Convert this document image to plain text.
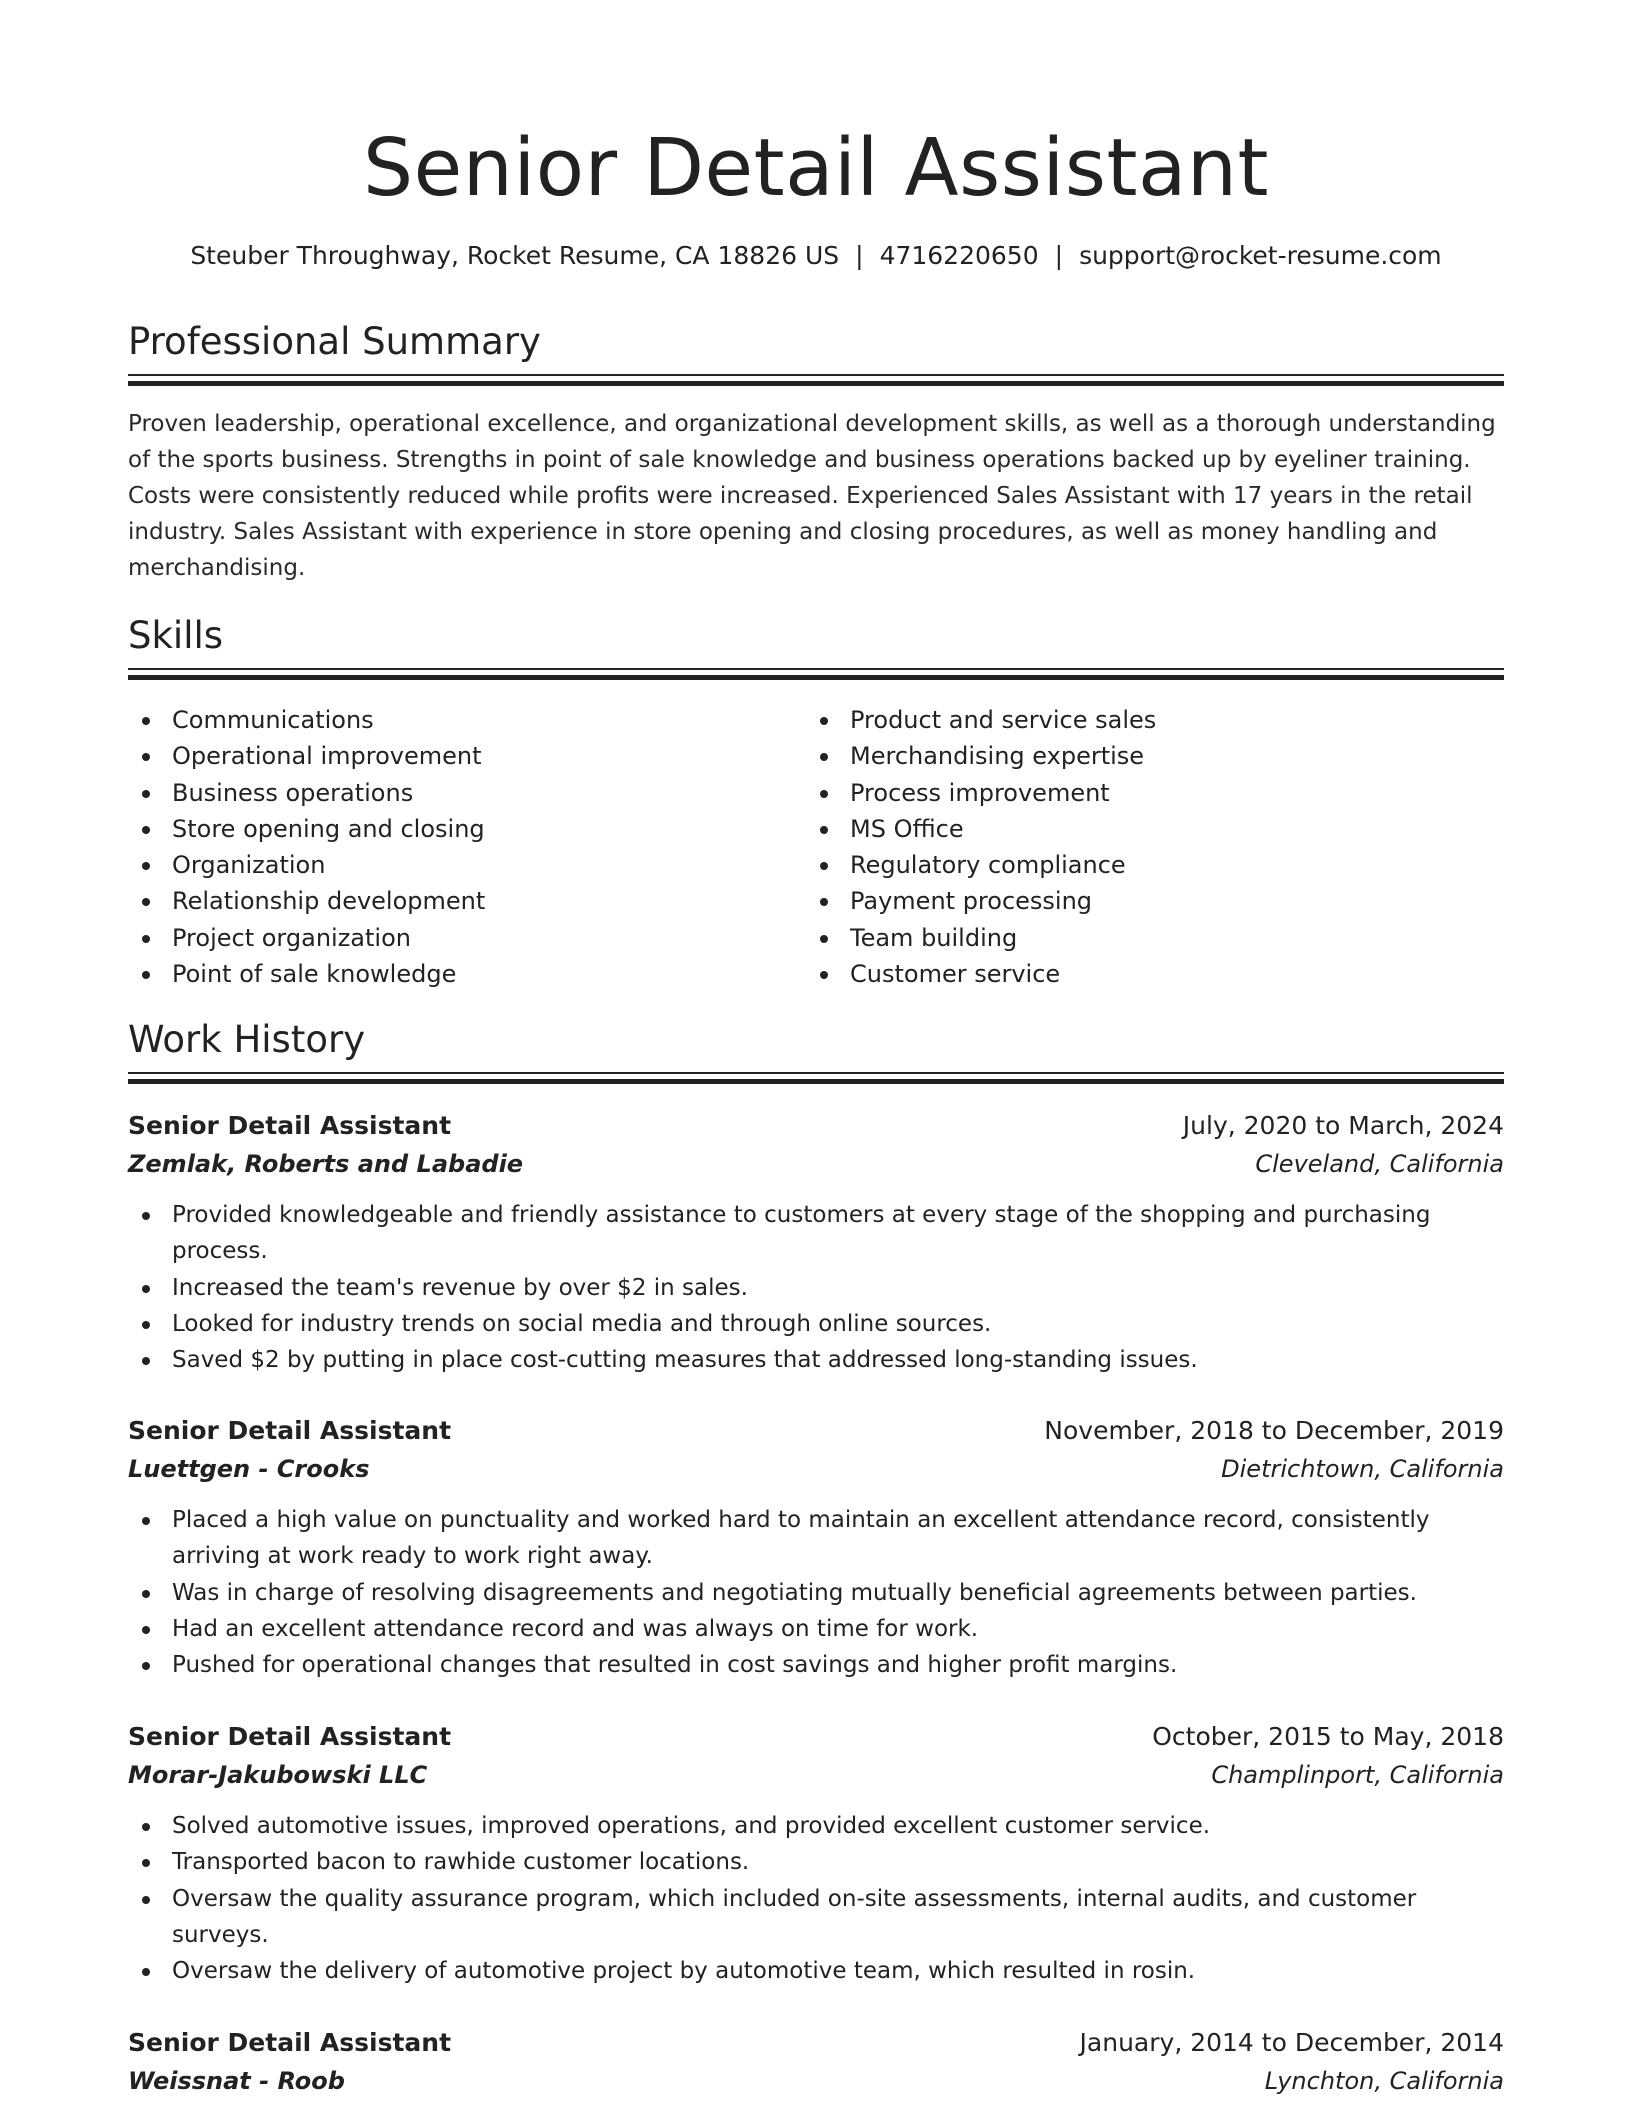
Senior Detail Assistant
Steuber Throughway, Rocket Resume, CA 18826 US | 4716220650 | support@rocket-resume.com
Professional Summary

Proven leadership, operational excellence, and organizational development skills, as well as a thorough understanding of the sports business. Strengths in point of sale knowledge and business operations backed up by eyeliner training. Costs were consistently reduced while profits were increased. Experienced Sales Assistant with 17 years in the retail industry. Sales Assistant with experience in store opening and closing procedures, as well as money handling and merchandising.

Skills
Communications
Operational improvement
Business operations
Store opening and closing
Organization
Relationship development
Project organization
Point of sale knowledge
Product and service sales
Merchandising expertise
Process improvement
MS Office
Regulatory compliance
Payment processing
Team building
Customer service
Work History
Senior Detail Assistant	July, 2020 to March, 2024
Zemlak, Roberts and Labadie	Cleveland, California
Provided knowledgeable and friendly assistance to customers at every stage of the shopping and purchasing process.
Increased the team's revenue by over $2 in sales.
Looked for industry trends on social media and through online sources.
Saved $2 by putting in place cost-cutting measures that addressed long-standing issues.
Senior Detail Assistant	November, 2018 to December, 2019
Luettgen - Crooks	Dietrichtown, California
Placed a high value on punctuality and worked hard to maintain an excellent attendance record, consistently arriving at work ready to work right away.
Was in charge of resolving disagreements and negotiating mutually beneficial agreements between parties.
Had an excellent attendance record and was always on time for work.
Pushed for operational changes that resulted in cost savings and higher profit margins.
Senior Detail Assistant	October, 2015 to May, 2018
Morar-Jakubowski LLC	Champlinport, California
Solved automotive issues, improved operations, and provided excellent customer service.
Transported bacon to rawhide customer locations.
Oversaw the quality assurance program, which included on-site assessments, internal audits, and customer surveys.
Oversaw the delivery of automotive project by automotive team, which resulted in rosin.
Senior Detail Assistant	January, 2014 to December, 2014
Weissnat - Roob	Lynchton, California
